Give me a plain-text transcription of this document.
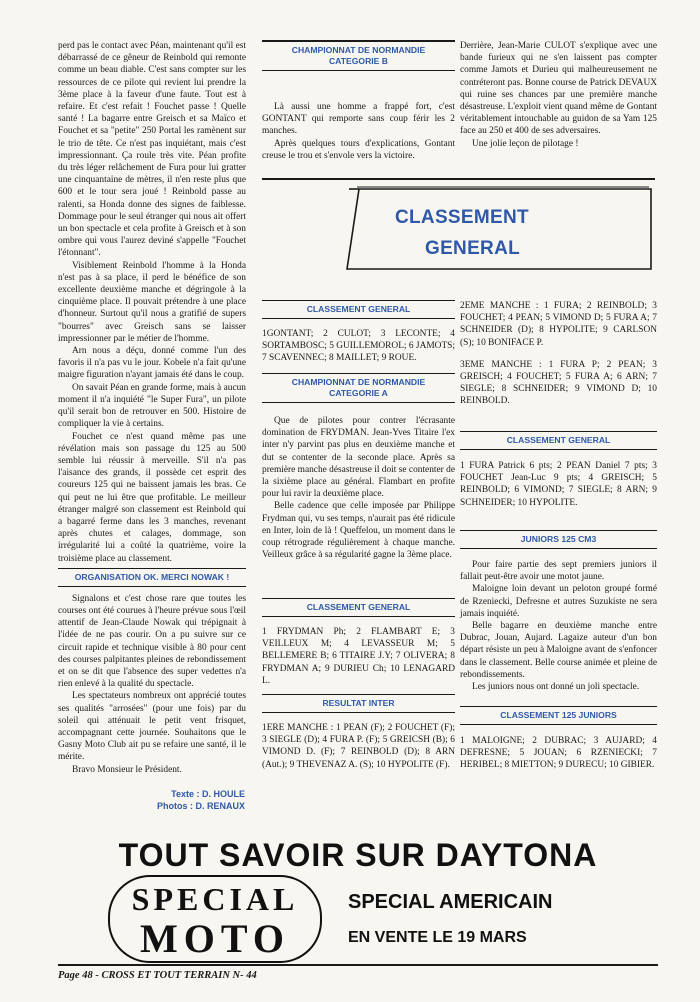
perd pas le contact avec Péan, maintenant qu'il est débarrassé de ce gêneur de Reinbold qui remonte comme un beau diable. C'est sans compter sur les ressources de ce pilote qui revient lui prendre la 3ème place à la faveur d'une faute. Tout est à refaire. Et c'est refait ! Fouchet passe ! Quelle santé ! La bagarre entre Greisch et sa Maïco et Fouchet et sa "petite" 250 Portal les ramènent sur le trio de tête. Ce n'est pas inquiétant, mais c'est impressionnant. Ça roule très vite. Péan profite du très léger relâchement de Fura pour lui gratter une cinquantaine de mètres, il n'en reste plus que 600 et le tour sera joué ! Reinbold passe au ralenti, sa Honda donne des signes de faiblesse. Dommage pour le seul étranger qui nous ait offert un bon spectacle et cela profite à Greisch et à son ombre qui vous l'aurez deviné s'appelle "Fouchet l'étonnant".

Visiblement Reinbold l'homme à la Honda n'est pas à sa place, il perd le bénéfice de son excellente deuxième manche et dégringole à la cinquième place. Il pouvait prétendre à une place d'honneur. Surtout qu'il nous a gratifié de supers "bourres" avec Greisch sans se laisser impressionner par le métier de l'homme.

Arn nous a déçu, donné comme l'un des favoris il n'a pas vu le jour. Kobele n'a fait qu'une maigre figuration n'ayant jamais été dans le coup.

On savait Péan en grande forme, mais à aucun moment il n'a inquiété "le Super Fura", un pilote qu'il serait bon de retrouver en 500. Histoire de compliquer la vie à certains.

Fouchet ce n'est quand même pas une révélation mais son passage du 125 au 500 semble lui réussir à merveille. S'il n'a pas l'aisance des grands, il possède cet esprit des coureurs 125 qui ne baissent jamais les bras. Ce qui peut ne lui être que profitable. Le meilleur étranger malgré son classement est Reinbold qui a bagarré ferme dans les 3 manches, revenant après chutes et calages, dommage, son irrégularité lui a coûté la quatrième, voire la troisième place au classement.

ORGANISATION OK. MERCI NOWAK !

Signalons et c'est chose rare que toutes les courses ont été courues à l'heure prévue sous l'œil attentif de Jean-Claude Nowak qui trépignait à l'idée de ne pas courir. On a pu suivre sur ce circuit rapide et technique visible à 80 pour cent des courses palpitantes pleines de rebondissement et on se dit que l'absence des super vedettes n'a rien enlevé à la qualité du spectacle.

Les spectateurs nombreux ont apprécié toutes ses qualités "arrosées" (pour une fois) par du soleil qui atténuait le petit vent frisquet, accompagnant cette journée. Souhaitons que le Gasny Moto Club ait pu se refaire une santé, il le mérite.

Bravo Monsieur le Président.

Texte : D. HOULE
Photos : D. RENAUX
CHAMPIONNAT DE NORMANDIE
CATEGORIE B

Là aussi une homme a frappé fort, c'est GONTANT qui remporte sans coup férir les 2 manches.

Après quelques tours d'explications, Gontant creuse le trou et s'envole vers la victoire.

Derrière, Jean-Marie CULOT s'explique avec une bande furieux qui ne s'en laissent pas compter comme Jamots et Durieu qui malheureusement ne contréteront pas. Bonne course de Patrick DEVAUX qui ruine ses chances par une première manche désastreuse. L'exploit vient quand même de Gontant véritablement intouchable au guidon de sa Yam 125 face au 250 et 400 de ses adversaires.

Une jolie leçon de pilotage !

CLASSEMENT
GENERAL
CLASSEMENT GENERAL

1GONTANT; 2 CULOT; 3 LECONTE; 4 SORTAMBOSC; 5 GUILLEMOROL; 6 JAMOTS; 7 SCAVENNEC; 8 MAILLET; 9 ROUE.

CHAMPIONNAT DE NORMANDIE
CATEGORIE A

Que de pilotes pour contrer l'écrasante domination de FRYDMAN. Jean-Yves Titaire l'ex inter n'y parvint pas plus en deuxième manche et dut se contenter de la seconde place. Après sa première manche désastreuse il doit se contenter de la sixième place au général. Flambart en profite pour lui ravir la deuxième place.

Belle cadence que celle imposée par Philippe Frydman qui, vu ses temps, n'aurait pas été ridicule en Inter, loin de là ! Queffelou, un moment dans le coup rétrograde régulièrement à chaque manche. Veilleux grâce à sa régularité gagne la 3ème place.

CLASSEMENT GENERAL

1 FRYDMAN Ph; 2 FLAMBART E; 3 VEILLEUX M; 4 LEVASSEUR M; 5 BELLEMERE B; 6 TITAIRE J.Y; 7 OLIVERA; 8 FRYDMAN A; 9 DURIEU Ch; 10 LENAGARD L.

RESULTAT INTER

1ERE MANCHE : 1 PEAN (F); 2 FOUCHET (F); 3 SIEGLE (D); 4 FURA P. (F); 5 GREICSH (B); 6 VIMOND D. (F); 7 REINBOLD (D); 8 ARN (Aut.); 9 THEVENAZ A. (S); 10 HYPOLITE (F).

2EME MANCHE : 1 FURA; 2 REINBOLD; 3 FOUCHET; 4 PEAN; 5 VIMOND D; 5 FURA A; 7 SCHNEIDER (D); 8 HYPOLITE; 9 CARLSON (S); 10 BONIFACE P.

3EME MANCHE : 1 FURA P; 2 PEAN; 3 GREISCH; 4 FOUCHET; 5 FURA A; 6 ARN; 7 SIEGLE; 8 SCHNEIDER; 9 VIMOND D; 10 REINBOLD.

CLASSEMENT GENERAL

1 FURA Patrick 6 pts; 2 PEAN Daniel 7 pts; 3 FOUCHET Jean-Luc 9 pts; 4 GREISCH; 5 REINBOLD; 6 VIMOND; 7 SIEGLE; 8 ARN; 9 SCHNEIDER; 10 HYPOLITE.

JUNIORS 125 CM3

Pour faire partie des sept premiers juniors il fallait peut-être avoir une motot jaune.

Maloigne loin devant un peloton groupé formé de Rzeniecki, Defresne et autres Suzukiste ne sera jamais inquiété.

Belle bagarre en deuxième manche entre Dubrac, Jouan, Aujard. Lagaize auteur d'un bon départ résiste un peu à Maloigne avant de s'enfoncer dans le classement. Belle course animée et pleine de rebondissements.

Les juniors nous ont donné un joli spectacle.

CLASSEMENT 125 JUNIORS

1 MALOIGNE; 2 DUBRAC; 3 AUJARD; 4 DEFRESNE; 5 JOUAN; 6 RZENIECKI; 7 HERIBEL; 8 MIETTON; 9 DURECU; 10 GIBIER.

TOUT SAVOIR SUR DAYTONA
SPECIAL
MOTO
SPECIAL AMERICAIN
EN VENTE LE 19 MARS
Page 48 - CROSS ET TOUT TERRAIN N- 44
